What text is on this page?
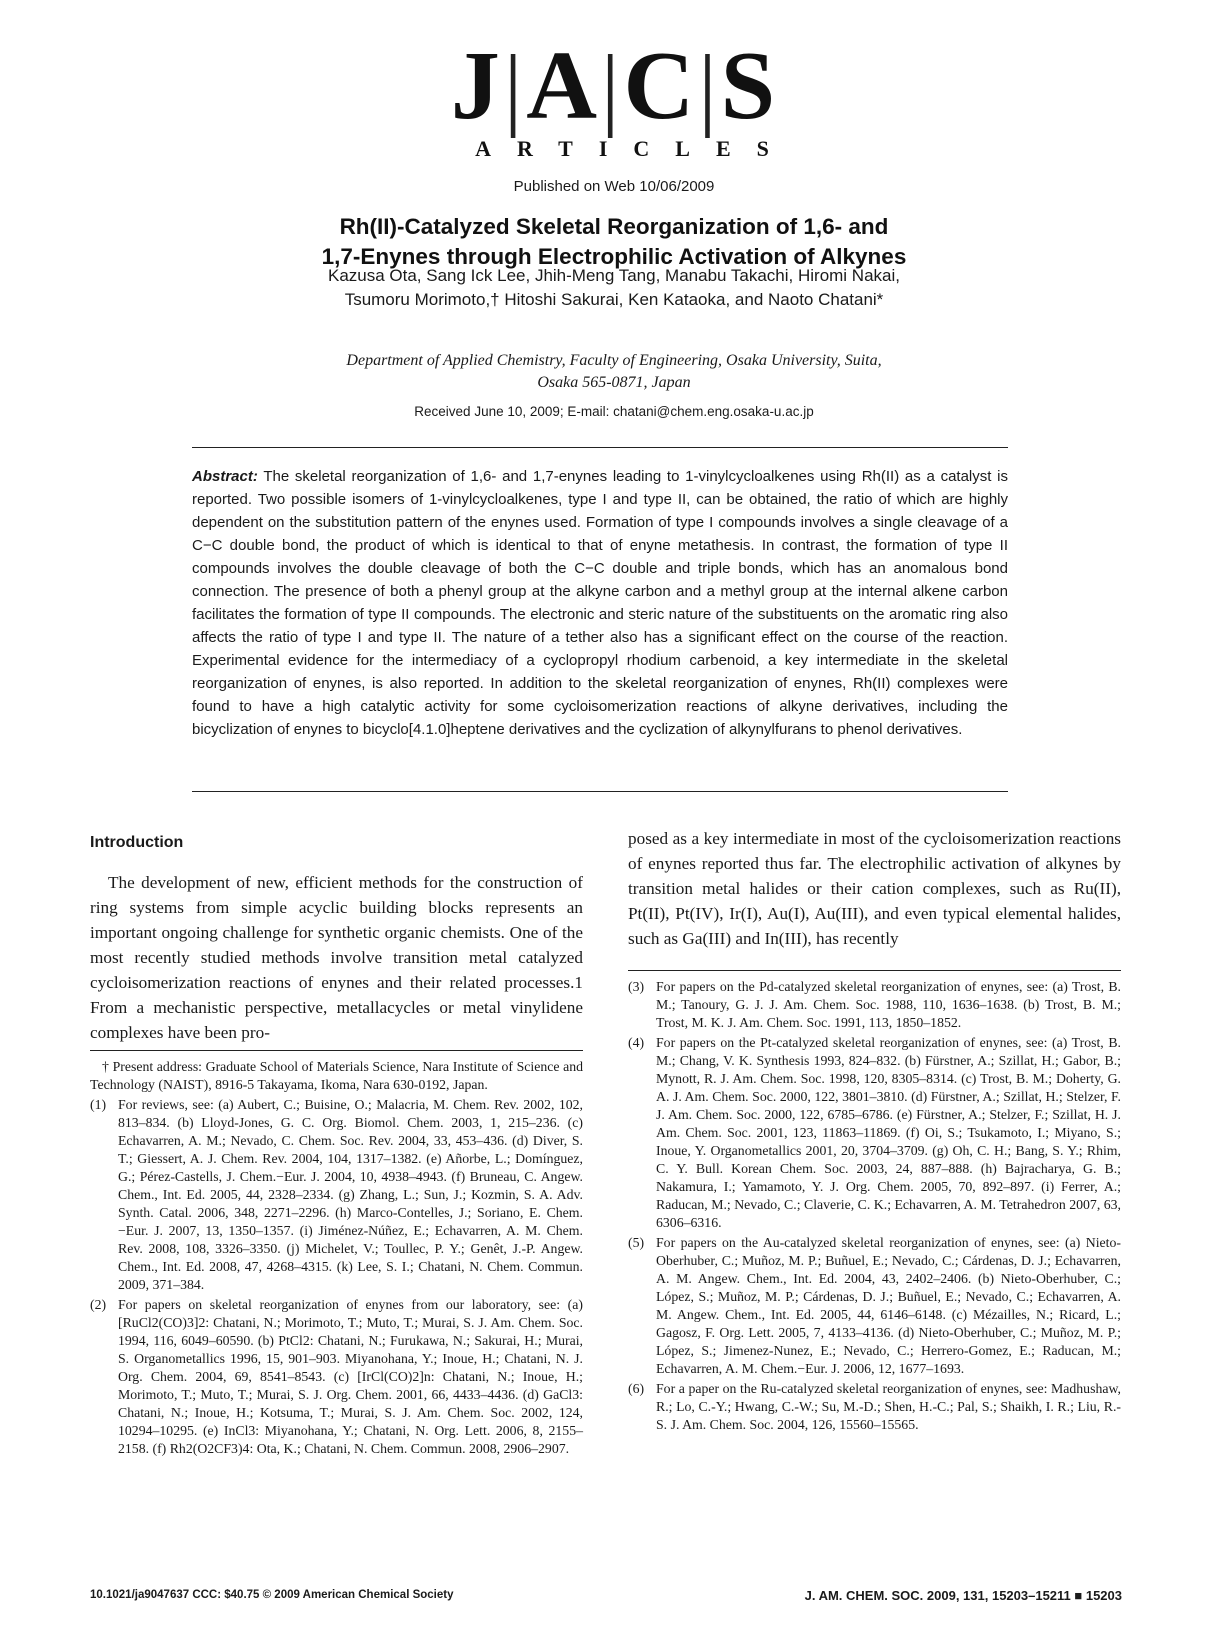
J|A|C|S
ARTICLES
Published on Web 10/06/2009
Rh(II)-Catalyzed Skeletal Reorganization of 1,6- and
1,7-Enynes through Electrophilic Activation of Alkynes
Kazusa Ota, Sang Ick Lee, Jhih-Meng Tang, Manabu Takachi, Hiromi Nakai,
Tsumoru Morimoto,† Hitoshi Sakurai, Ken Kataoka, and Naoto Chatani*
Department of Applied Chemistry, Faculty of Engineering, Osaka University, Suita,
Osaka 565-0871, Japan
Received June 10, 2009; E-mail: chatani@chem.eng.osaka-u.ac.jp
Abstract: The skeletal reorganization of 1,6- and 1,7-enynes leading to 1-vinylcycloalkenes using Rh(II) as a catalyst is reported. Two possible isomers of 1-vinylcycloalkenes, type I and type II, can be obtained, the ratio of which are highly dependent on the substitution pattern of the enynes used. Formation of type I compounds involves a single cleavage of a C−C double bond, the product of which is identical to that of enyne metathesis. In contrast, the formation of type II compounds involves the double cleavage of both the C−C double and triple bonds, which has an anomalous bond connection. The presence of both a phenyl group at the alkyne carbon and a methyl group at the internal alkene carbon facilitates the formation of type II compounds. The electronic and steric nature of the substituents on the aromatic ring also affects the ratio of type I and type II. The nature of a tether also has a significant effect on the course of the reaction. Experimental evidence for the intermediacy of a cyclopropyl rhodium carbenoid, a key intermediate in the skeletal reorganization of enynes, is also reported. In addition to the skeletal reorganization of enynes, Rh(II) complexes were found to have a high catalytic activity for some cycloisomerization reactions of alkyne derivatives, including the bicyclization of enynes to bicyclo[4.1.0]heptene derivatives and the cyclization of alkynylfurans to phenol derivatives.
Introduction
The development of new, efficient methods for the construction of ring systems from simple acyclic building blocks represents an important ongoing challenge for synthetic organic chemists. One of the most recently studied methods involve transition metal catalyzed cycloisomerization reactions of enynes and their related processes.1 From a mechanistic perspective, metallacycles or metal vinylidene complexes have been pro-
† Present address: Graduate School of Materials Science, Nara Institute of Science and Technology (NAIST), 8916-5 Takayama, Ikoma, Nara 630-0192, Japan.
(1) For reviews, see: (a) Aubert, C.; Buisine, O.; Malacria, M. Chem. Rev. 2002, 102, 813–834. (b) Lloyd-Jones, G. C. Org. Biomol. Chem. 2003, 1, 215–236. (c) Echavarren, A. M.; Nevado, C. Chem. Soc. Rev. 2004, 33, 453–436. (d) Diver, S. T.; Giessert, A. J. Chem. Rev. 2004, 104, 1317–1382. (e) Añorbe, L.; Domínguez, G.; Pérez-Castells, J. Chem.−Eur. J. 2004, 10, 4938–4943. (f) Bruneau, C. Angew. Chem., Int. Ed. 2005, 44, 2328–2334. (g) Zhang, L.; Sun, J.; Kozmin, S. A. Adv. Synth. Catal. 2006, 348, 2271–2296. (h) Marco-Contelles, J.; Soriano, E. Chem.−Eur. J. 2007, 13, 1350–1357. (i) Jiménez-Núñez, E.; Echavarren, A. M. Chem. Rev. 2008, 108, 3326–3350. (j) Michelet, V.; Toullec, P. Y.; Genêt, J.-P. Angew. Chem., Int. Ed. 2008, 47, 4268–4315. (k) Lee, S. I.; Chatani, N. Chem. Commun. 2009, 371–384.
(2) For papers on skeletal reorganization of enynes from our laboratory, see: (a) [RuCl2(CO)3]2: Chatani, N.; Morimoto, T.; Muto, T.; Murai, S. J. Am. Chem. Soc. 1994, 116, 6049–60590. (b) PtCl2: Chatani, N.; Furukawa, N.; Sakurai, H.; Murai, S. Organometallics 1996, 15, 901–903. Miyanohana, Y.; Inoue, H.; Chatani, N. J. Org. Chem. 2004, 69, 8541–8543. (c) [IrCl(CO)2]n: Chatani, N.; Inoue, H.; Morimoto, T.; Muto, T.; Murai, S. J. Org. Chem. 2001, 66, 4433–4436. (d) GaCl3: Chatani, N.; Inoue, H.; Kotsuma, T.; Murai, S. J. Am. Chem. Soc. 2002, 124, 10294–10295. (e) InCl3: Miyanohana, Y.; Chatani, N. Org. Lett. 2006, 8, 2155–2158. (f) Rh2(O2CF3)4: Ota, K.; Chatani, N. Chem. Commun. 2008, 2906–2907.
posed as a key intermediate in most of the cycloisomerization reactions of enynes reported thus far. The electrophilic activation of alkynes by transition metal halides or their cation complexes, such as Ru(II), Pt(II), Pt(IV), Ir(I), Au(I), Au(III), and even typical elemental halides, such as Ga(III) and In(III), has recently
(3) For papers on the Pd-catalyzed skeletal reorganization of enynes, see: (a) Trost, B. M.; Tanoury, G. J. J. Am. Chem. Soc. 1988, 110, 1636–1638. (b) Trost, B. M.; Trost, M. K. J. Am. Chem. Soc. 1991, 113, 1850–1852.
(4) For papers on the Pt-catalyzed skeletal reorganization of enynes, see: (a) Trost, B. M.; Chang, V. K. Synthesis 1993, 824–832. (b) Fürstner, A.; Szillat, H.; Gabor, B.; Mynott, R. J. Am. Chem. Soc. 1998, 120, 8305–8314. (c) Trost, B. M.; Doherty, G. A. J. Am. Chem. Soc. 2000, 122, 3801–3810. (d) Fürstner, A.; Szillat, H.; Stelzer, F. J. Am. Chem. Soc. 2000, 122, 6785–6786. (e) Fürstner, A.; Stelzer, F.; Szillat, H. J. Am. Chem. Soc. 2001, 123, 11863–11869. (f) Oi, S.; Tsukamoto, I.; Miyano, S.; Inoue, Y. Organometallics 2001, 20, 3704–3709. (g) Oh, C. H.; Bang, S. Y.; Rhim, C. Y. Bull. Korean Chem. Soc. 2003, 24, 887–888. (h) Bajracharya, G. B.; Nakamura, I.; Yamamoto, Y. J. Org. Chem. 2005, 70, 892–897. (i) Ferrer, A.; Raducan, M.; Nevado, C.; Claverie, C. K.; Echavarren, A. M. Tetrahedron 2007, 63, 6306–6316.
(5) For papers on the Au-catalyzed skeletal reorganization of enynes, see: (a) Nieto-Oberhuber, C.; Muñoz, M. P.; Buñuel, E.; Nevado, C.; Cárdenas, D. J.; Echavarren, A. M. Angew. Chem., Int. Ed. 2004, 43, 2402–2406. (b) Nieto-Oberhuber, C.; López, S.; Muñoz, M. P.; Cárdenas, D. J.; Buñuel, E.; Nevado, C.; Echavarren, A. M. Angew. Chem., Int. Ed. 2005, 44, 6146–6148. (c) Mézailles, N.; Ricard, L.; Gagosz, F. Org. Lett. 2005, 7, 4133–4136. (d) Nieto-Oberhuber, C.; Muñoz, M. P.; López, S.; Jimenez-Nunez, E.; Nevado, C.; Herrero-Gomez, E.; Raducan, M.; Echavarren, A. M. Chem.−Eur. J. 2006, 12, 1677–1693.
(6) For a paper on the Ru-catalyzed skeletal reorganization of enynes, see: Madhushaw, R.; Lo, C.-Y.; Hwang, C.-W.; Su, M.-D.; Shen, H.-C.; Pal, S.; Shaikh, I. R.; Liu, R.-S. J. Am. Chem. Soc. 2004, 126, 15560–15565.
10.1021/ja9047637 CCC: $40.75 © 2009 American Chemical Society	J. AM. CHEM. SOC. 2009, 131, 15203–15211 ■ 15203
